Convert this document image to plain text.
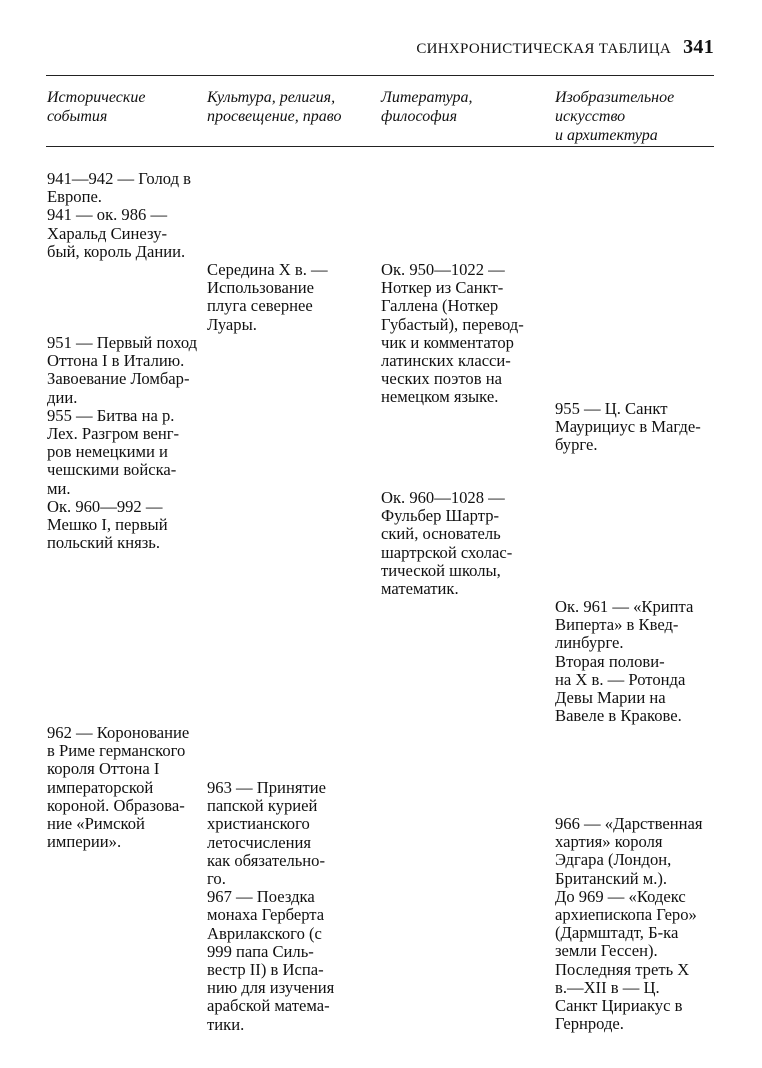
СИНХРОНИСТИЧЕСКАЯ ТАБЛИЦА 341
Исторические
события
Культура, религия,
просвещение, право
Литература,
философия
Изобразительное
искусство
и архитектура
941—942 — Голод в
Европе.
941 — ок. 986 —
Харальд Синезу-
бый, король Дании.
951 — Первый поход
Оттона I в Италию.
Завоевание Ломбар-
дии.
955 — Битва на р.
Лех. Разгром венг-
ров немецкими и
чешскими войска-
ми.
Ок. 960—992 —
Мешко I, первый
польский князь.
962 — Коронование
в Риме германского
короля Оттона I
императорской
короной. Образова-
ние «Римской
империи».
Середина X в. —
Использование
плуга севернее
Луары.
963 — Принятие
папской курией
христианского
летосчисления
как обязательно-
го.
967 — Поездка
монаха Герберта
Аврилакского (с
999 папа Силь-
вестр II) в Испа-
нию для изучения
арабской матема-
тики.
Ок. 950—1022 —
Ноткер из Санкт-
Галлена (Ноткер
Губастый), перевод-
чик и комментатор
латинских класси-
ческих поэтов на
немецком языке.
Ок. 960—1028 —
Фульбер Шартр-
ский, основатель
шартрской схолас-
тической школы,
математик.
955 — Ц. Санкт
Маурициус в Магде-
бурге.
Ок. 961 — «Крипта
Виперта» в Квед-
линбурге.
Вторая полови-
на X в. — Ротонда
Девы Марии на
Вавеле в Кракове.
966 — «Дарственная
хартия» короля
Эдгара (Лондон,
Британский м.).
До 969 — «Кодекс
архиепископа Геро»
(Дармштадт, Б-ка
земли Гессен).
Последняя треть X
в.—XII в — Ц.
Санкт Цириакус в
Гернроде.
